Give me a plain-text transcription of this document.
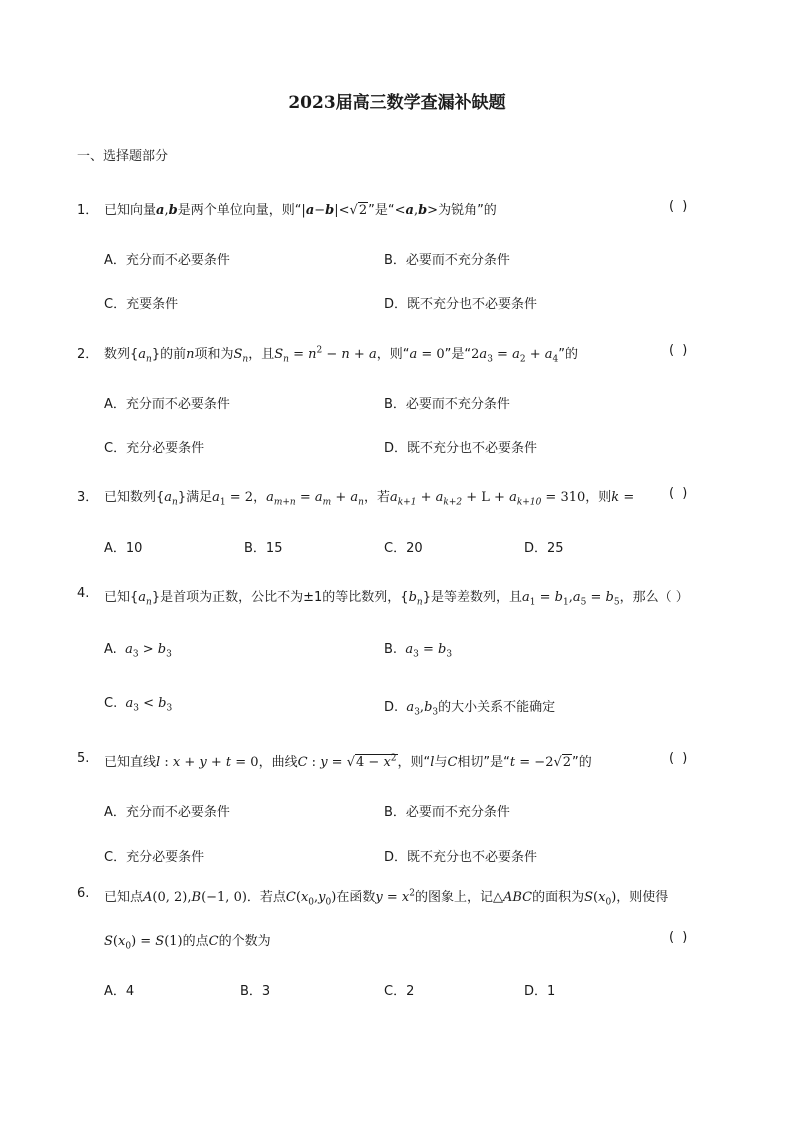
2023届高三数学查漏补缺题
一、选择题部分
1． 已知向量a,b是两个单位向量，则“|a−b|<√2”是“<a,b>为锐角”的	( )
A．充分而不必要条件	B．必要而不充分条件
C．充要条件	D．既不充分也不必要条件
2． 数列$\{a_n\}$的前n项和为$S_n$，且$S_n = n^2 - n + a$，则“a = 0”是“$2a_3 = a_2 + a_4$”的	( )
A．充分而不必要条件	B．必要而不充分条件
C．充分必要条件	D．既不充分也不必要条件
3． 已知数列$\{a_n\}$满足$a_1 = 2$，$a_{m+n} = a_m + a_n$，若$a_{k+1} + a_{k+2} + L + a_{k+10} = 310$，则k =	( )
A．10	B．15	C．20	D．25
4. 已知$\{a_n\}$是首项为正数，公比不为±1的等比数列，$\{b_n\}$是等差数列，且$a_1 = b_1,a_5 = b_5$，那么（ ）
A. $a_3 > b_3$	B. $a_3 = b_3$
C. $a_3 < b_3$	D. $a_3,b_3$的大小关系不能确定
5. 已知直线l : x + y + t = 0，曲线C : $y = √4 - x^2$，则“l与C相切”是“t = −2√2”的	( )
A．充分而不必要条件	B．必要而不充分条件
C．充分必要条件	D．既不充分也不必要条件
6. 已知点A(0, 2),B(−1, 0)．若点$C(x_0,y_0)$在函数$y = x^2$的图象上，记△ABC的面积为$S(x_0)$，则使得
$S(x_0) = S(1)$的点C的个数为	( )
A．4	B．3	C．2	D．1
